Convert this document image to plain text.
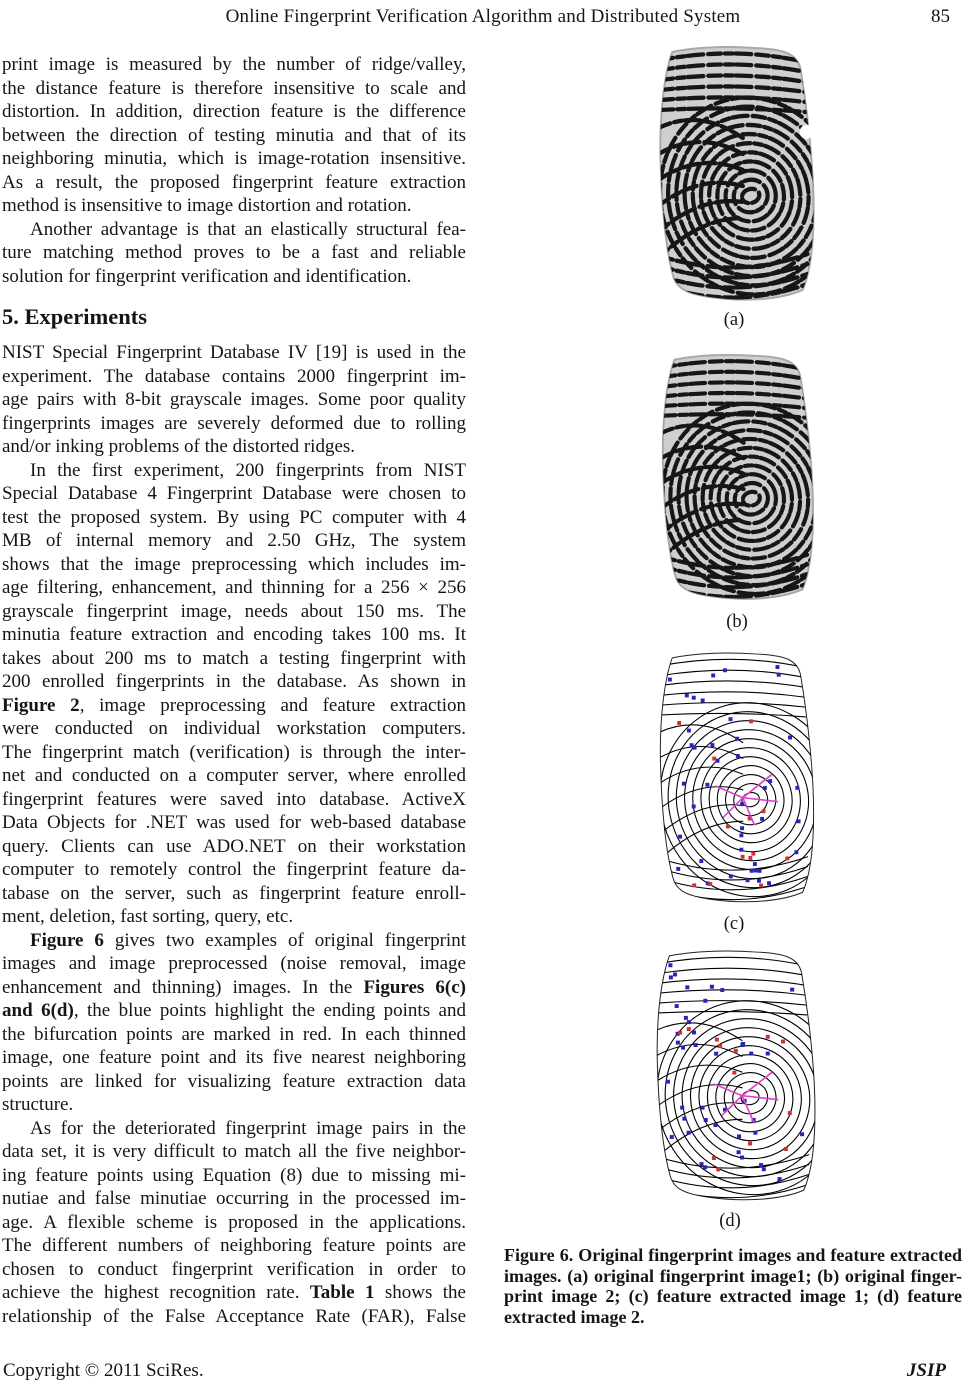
Online Fingerprint Verification Algorithm and Distributed System	85
print image is measured by the number of ridge/valley,
the distance feature is therefore insensitive to scale and
distortion. In addition, direction feature is the difference
between the direction of testing minutia and that of its
neighboring minutia, which is image-rotation insensitive.
As a result, the proposed fingerprint feature extraction
method is insensitive to image distortion and rotation.
Another advantage is that an elastically structural fea-
ture matching method proves to be a fast and reliable
solution for fingerprint verification and identification.
5. Experiments
NIST Special Fingerprint Database IV [19] is used in the
experiment. The database contains 2000 fingerprint im-
age pairs with 8-bit grayscale images. Some poor quality
fingerprints images are severely deformed due to rolling
and/or inking problems of the distorted ridges.
In the first experiment, 200 fingerprints from NIST
Special Database 4 Fingerprint Database were chosen to
test the proposed system. By using PC computer with 4
MB of internal memory and 2.50 GHz, The system
shows that the image preprocessing which includes im-
age filtering, enhancement, and thinning for a 256 × 256
grayscale fingerprint image, needs about 150 ms. The
minutia feature extraction and encoding takes 100 ms. It
takes about 200 ms to match a testing fingerprint with
200 enrolled fingerprints in the database. As shown in
Figure 2, image preprocessing and feature extraction
were conducted on individual workstation computers.
The fingerprint match (verification) is through the inter-
net and conducted on a computer server, where enrolled
fingerprint features were saved into database. ActiveX
Data Objects for .NET was used for web-based database
query. Clients can use ADO.NET on their workstation
computer to remotely control the fingerprint feature da-
tabase on the server, such as fingerprint feature enroll-
ment, deletion, fast sorting, query, etc.
Figure 6 gives two examples of original fingerprint
images and image preprocessed (noise removal, image
enhancement and thinning) images. In the Figures 6(c)
and 6(d), the blue points highlight the ending points and
the bifurcation points are marked in red. In each thinned
image, one feature point and its five nearest neighboring
points are linked for visualizing feature extraction data
structure.
As for the deteriorated fingerprint image pairs in the
data set, it is very difficult to match all the five neighbor-
ing feature points using Equation (8) due to missing mi-
nutiae and false minutiae occurring in the processed im-
age. A flexible scheme is proposed in the applications.
The different numbers of neighboring feature points are
chosen to conduct fingerprint verification in order to
achieve the highest recognition rate. Table 1 shows the
relationship of the False Acceptance Rate (FAR), False
(a)
(b)
(c)
(d)
Figure 6. Original fingerprint images and feature extracted
images. (a) original fingerprint image1; (b) original finger-
print image 2; (c) feature extracted image 1; (d) feature
extracted image 2.
Copyright © 2011 SciRes.	JSIP
